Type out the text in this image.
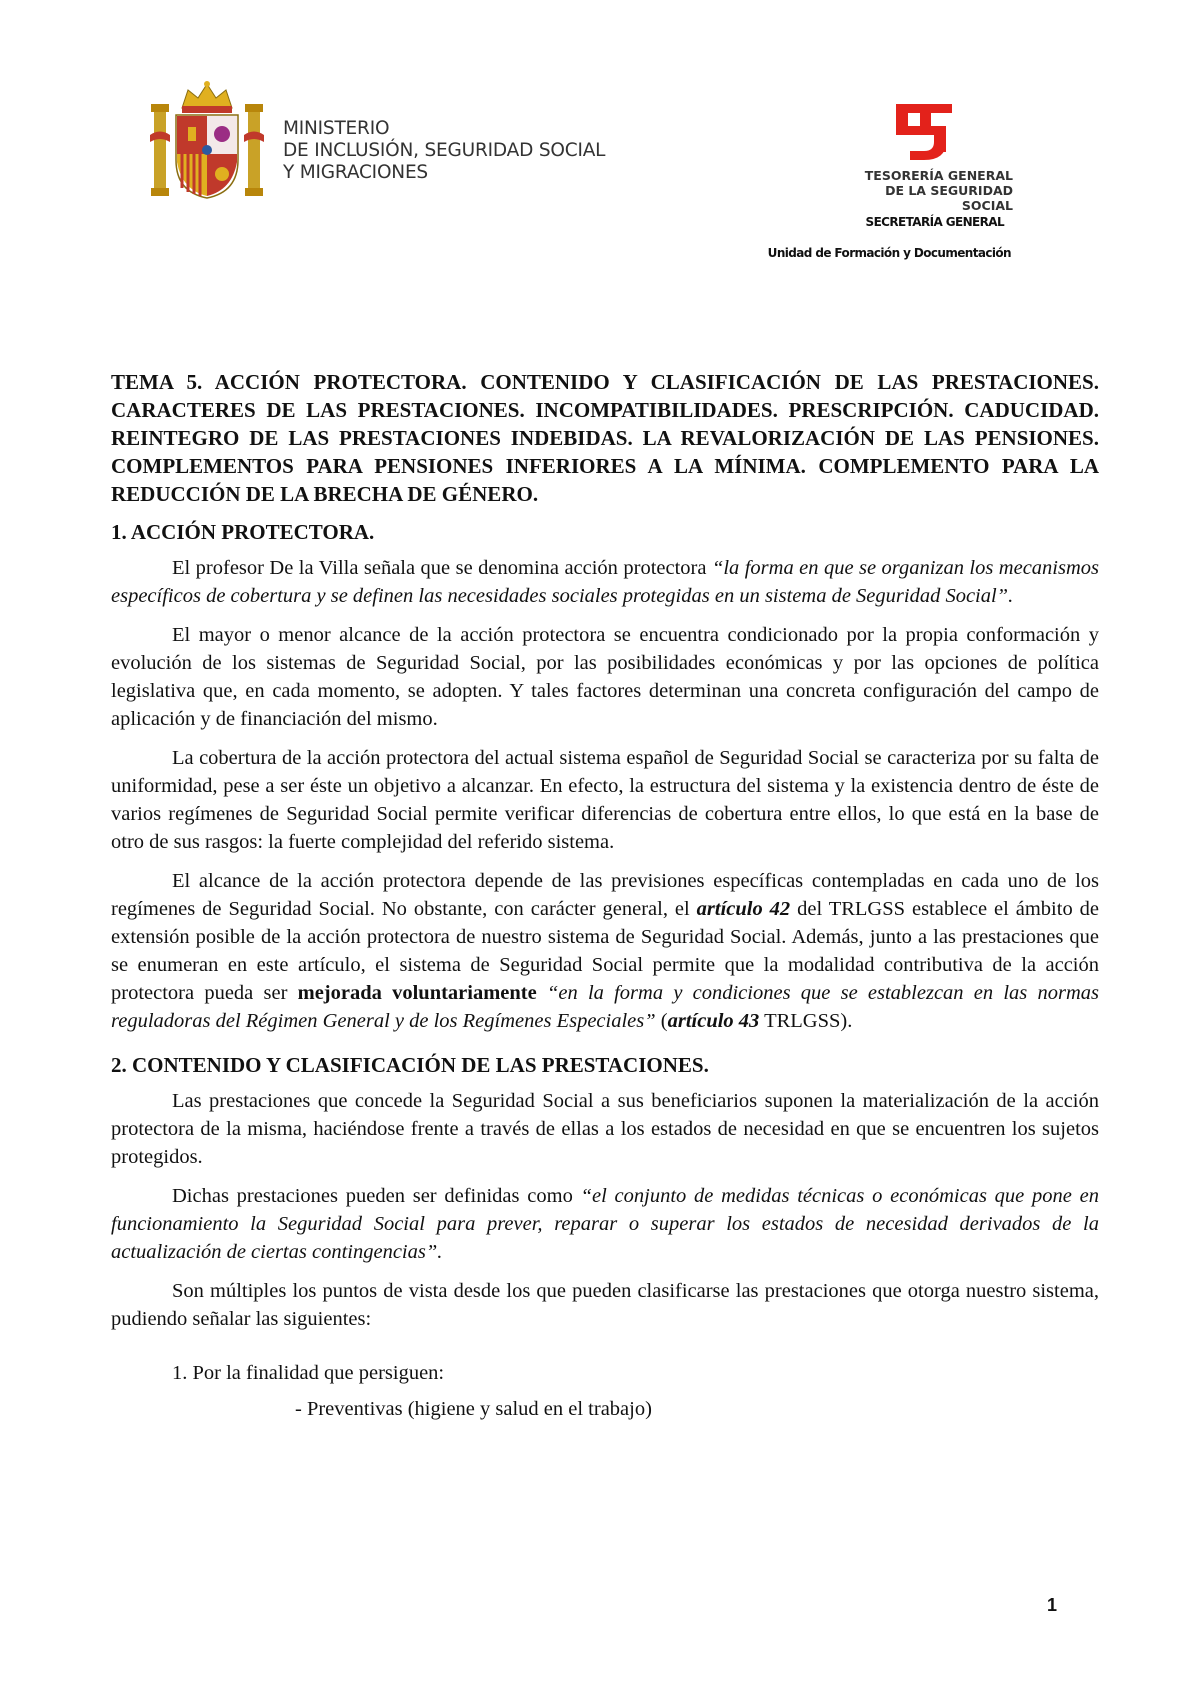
MINISTERIO
DE INCLUSIÓN, SEGURIDAD SOCIAL
Y MIGRACIONES	TESORERÍA GENERAL
DE LA SEGURIDAD SOCIAL
SECRETARÍA GENERAL
Unidad de Formación y Documentación
TEMA 5. ACCIÓN PROTECTORA. CONTENIDO Y CLASIFICACIÓN DE LAS PRESTACIONES. CARACTERES DE LAS PRESTACIONES. INCOMPATIBILIDADES. PRESCRIPCIÓN. CADUCIDAD. REINTEGRO DE LAS PRESTACIONES INDEBIDAS. LA REVALORIZACIÓN DE LAS PENSIONES. COMPLEMENTOS PARA PENSIONES INFERIORES A LA MÍNIMA. COMPLEMENTO PARA LA REDUCCIÓN DE LA BRECHA DE GÉNERO.
1. ACCIÓN PROTECTORA.
El profesor De la Villa señala que se denomina acción protectora “la forma en que se organizan los mecanismos específicos de cobertura y se definen las necesidades sociales protegidas en un sistema de Seguridad Social”.
El mayor o menor alcance de la acción protectora se encuentra condicionado por la propia conformación y evolución de los sistemas de Seguridad Social, por las posibilidades económicas y por las opciones de política legislativa que, en cada momento, se adopten. Y tales factores determinan una concreta configuración del campo de aplicación y de financiación del mismo.
La cobertura de la acción protectora del actual sistema español de Seguridad Social se caracteriza por su falta de uniformidad, pese a ser éste un objetivo a alcanzar. En efecto, la estructura del sistema y la existencia dentro de éste de varios regímenes de Seguridad Social permite verificar diferencias de cobertura entre ellos, lo que está en la base de otro de sus rasgos: la fuerte complejidad del referido sistema.
El alcance de la acción protectora depende de las previsiones específicas contempladas en cada uno de los regímenes de Seguridad Social. No obstante, con carácter general, el artículo 42 del TRLGSS establece el ámbito de extensión posible de la acción protectora de nuestro sistema de Seguridad Social. Además, junto a las prestaciones que se enumeran en este artículo, el sistema de Seguridad Social permite que la modalidad contributiva de la acción protectora pueda ser mejorada voluntariamente “en la forma y condiciones que se establezcan en las normas reguladoras del Régimen General y de los Regímenes Especiales” (artículo 43 TRLGSS).
2. CONTENIDO Y CLASIFICACIÓN DE LAS PRESTACIONES.
Las prestaciones que concede la Seguridad Social a sus beneficiarios suponen la materialización de la acción protectora de la misma, haciéndose frente a través de ellas a los estados de necesidad en que se encuentren los sujetos protegidos.
Dichas prestaciones pueden ser definidas como “el conjunto de medidas técnicas o económicas que pone en funcionamiento la Seguridad Social para prever, reparar o superar los estados de necesidad derivados de la actualización de ciertas contingencias”.
Son múltiples los puntos de vista desde los que pueden clasificarse las prestaciones que otorga nuestro sistema, pudiendo señalar las siguientes:
1. Por la finalidad que persiguen:
- Preventivas (higiene y salud en el trabajo)
1
